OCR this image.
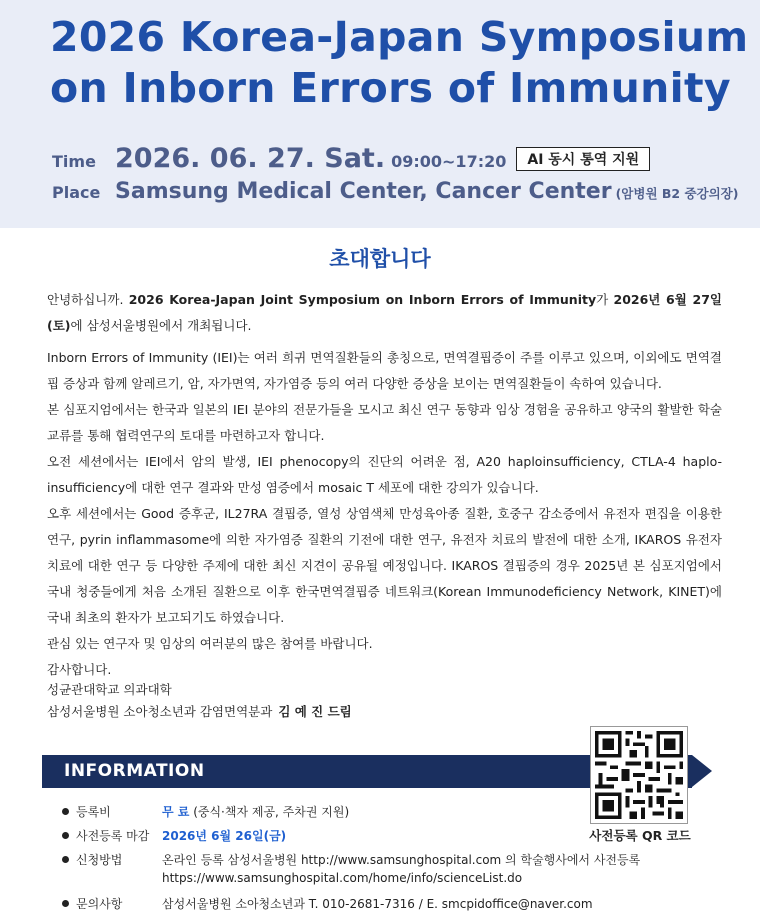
2026 Korea-Japan Symposium
on Inborn Errors of Immunity
Time 2026. 06. 27. Sat. 09:00~17:20 AI 동시 통역 지원
Place Samsung Medical Center, Cancer Center (암병원 B2 중강의장)
초대합니다

안녕하십니까. 2026 Korea-Japan Joint Symposium on Inborn Errors of Immunity가 2026년 6월 27일(토)에 삼성서울병원에서 개최됩니다.

Inborn Errors of Immunity (IEI)는 여러 희귀 면역질환들의 총칭으로, 면역결핍증이 주를 이루고 있으며, 이외에도 면역결핍 증상과 함께 알레르기, 암, 자가면역, 자가염증 등의 여러 다양한 증상을 보이는 면역질환들이 속하여 있습니다.

본 심포지엄에서는 한국과 일본의 IEI 분야의 전문가들을 모시고 최신 연구 동향과 임상 경험을 공유하고 양국의 활발한 학술교류를 통해 협력연구의 토대를 마련하고자 합니다.

오전 세션에서는 IEI에서 암의 발생, IEI phenocopy의 진단의 어려운 점, A20 haploinsufficiency, CTLA-4 haplo-insufficiency에 대한 연구 결과와 만성 염증에서 mosaic T 세포에 대한 강의가 있습니다.

오후 세션에서는 Good 증후군, IL27RA 결핍증, 열성 상염색체 만성육아종 질환, 호중구 감소증에서 유전자 편집을 이용한 연구, pyrin inflammasome에 의한 자가염증 질환의 기전에 대한 연구, 유전자 치료의 발전에 대한 소개, IKAROS 유전자 치료에 대한 연구 등 다양한 주제에 대한 최신 지견이 공유될 예정입니다. IKAROS 결핍증의 경우 2025년 본 심포지엄에서 국내 청중들에게 처음 소개된 질환으로 이후 한국면역결핍증 네트워크(Korean Immunodeficiency Network, KINET)에 국내 최초의 환자가 보고되기도 하였습니다.

관심 있는 연구자 및 임상의 여러분의 많은 참여를 바랍니다.

감사합니다.

성균관대학교 의과대학
삼성서울병원 소아청소년과 감염면역분과 김 예 진 드림
INFORMATION
사전등록 QR 코드
등록비	무 료 (중식·책자 제공, 주차권 지원)
사전등록 마감 2026년 6월 26일(금)
신청방법	온라인 등록 삼성서울병원 http://www.samsunghospital.com 의 학술행사에서 사전등록
https://www.samsunghospital.com/home/info/scienceList.do
문의사항	삼성서울병원 소아청소년과 T. 010-2681-7316 / E. smcpidoffice@naver.com
